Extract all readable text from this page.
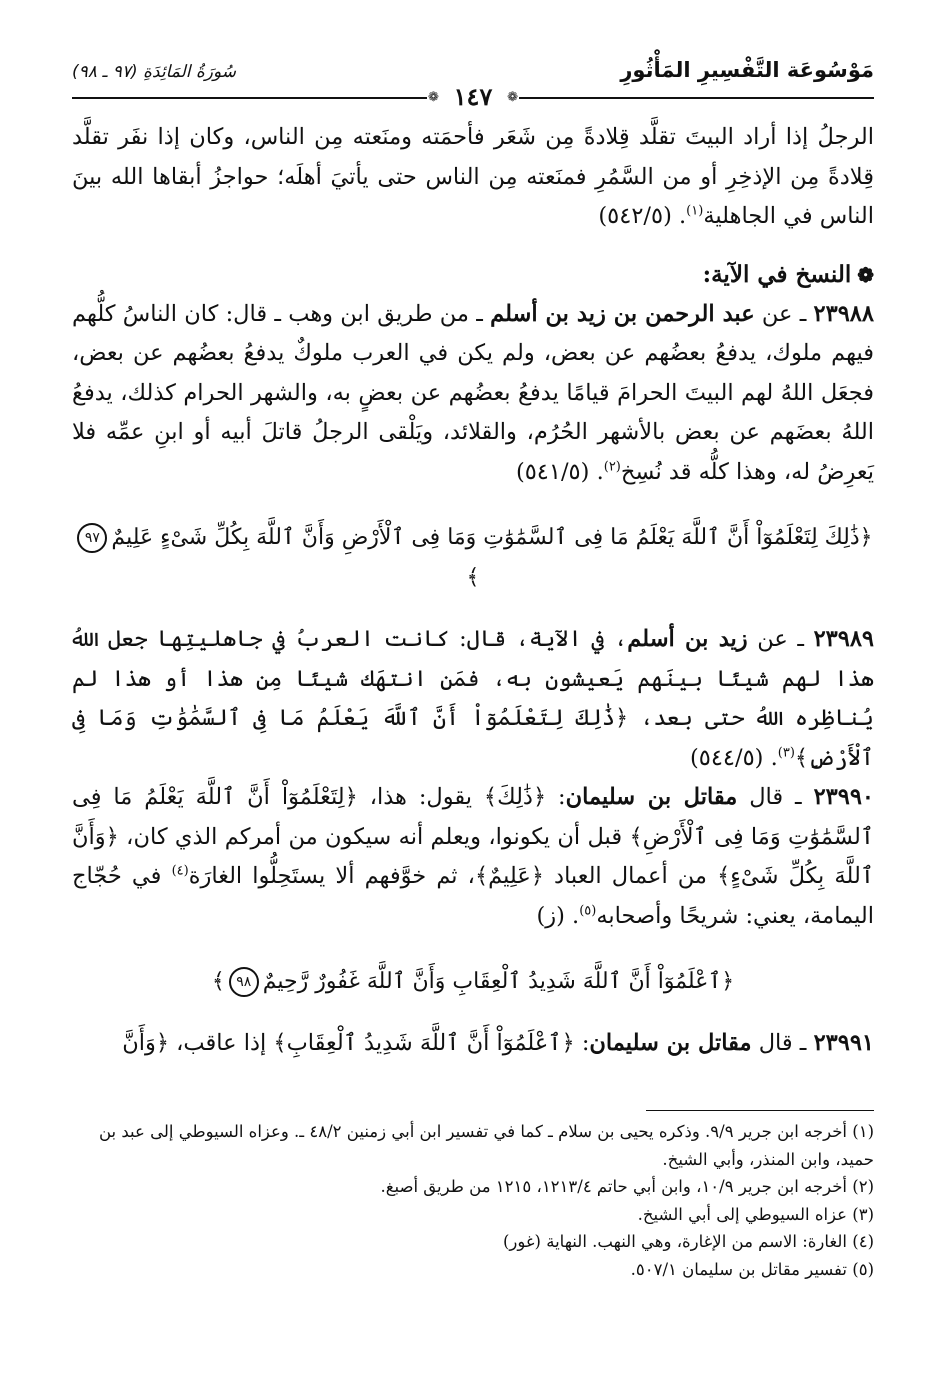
مَوْسُوعَة التَّفْسِيرِ المَأْثُورِ
سُورَةُ المَائِدَةِ (٩٧ ـ ٩٨)
❁
١٤٧
❁

الرجلُ إذا أراد البيتَ تقلَّد قِلادةً مِن شَعَر فأحمَته ومنَعته مِن الناس، وكان إذا نفَر تقلَّد قِلادةً مِن الإذخِرِ أو من السَّمُرِ فمنَعته مِن الناس حتى يأتيَ أهلَه؛ حواجزُ أبقاها الله بينَ الناس في الجاهلية$^{(١)}$. (٥٤٢/٥)

❁النسخ في الآية:

٢٣٩٨٨ ـ عن عبد الرحمن بن زيد بن أسلم ـ من طريق ابن وهب ـ قال: كان الناسُ كلُّهم فيهم ملوك، يدفعُ بعضُهم عن بعض، ولم يكن في العرب ملوكٌ يدفعُ بعضُهم عن بعض، فجعَل اللهُ لهم البيتَ الحرامَ قيامًا يدفعُ بعضُهم عن بعضٍ به، والشهر الحرام كذلك، يدفعُ اللهُ بعضَهم عن بعض بالأشهر الحُرُم، والقلائد، ويَلْقى الرجلُ قاتلَ أبيه أو ابنِ عمِّه فلا يَعرِضُ له، وهذا كلُّه قد نُسِخ$^{(٢)}$. (٥٤١/٥)

﴿ذَٰلِكَ لِتَعْلَمُوٓاْ أَنَّ ٱللَّهَ يَعْلَمُ مَا فِى ٱلسَّمَٰوَٰتِ وَمَا فِى ٱلْأَرْضِ وَأَنَّ ٱللَّهَ بِكُلِّ شَىْءٍ عَلِيمٌ٩٧﴾

٢٣٩٨٩ ـ عن زيد بن أسلم، في الآية، قال: كانت العربُ في جاهليتِها جعل اللهُ هذا لهم شيئًا بينَهم يَعيشون به، فمَن انتهَك شيئًا مِن هذا أو هذا لم يُناظِره اللهُ حتى بعد، ﴿ذَٰلِكَ لِتَعْلَمُوٓاْ أَنَّ ٱللَّهَ يَعْلَمُ مَا فِى ٱلسَّمَٰوَٰتِ وَمَا فِى ٱلْأَرْضِ﴾$^{(٣)}$. (٥٤٤/٥)

٢٣٩٩٠ ـ قال مقاتل بن سليمان: ﴿ذَٰلِكَ﴾ يقول: هذا، ﴿لِتَعْلَمُوٓاْ أَنَّ ٱللَّهَ يَعْلَمُ مَا فِى ٱلسَّمَٰوَٰتِ وَمَا فِى ٱلْأَرْضِ﴾ قبل أن يكونوا، ويعلم أنه سيكون من أمركم الذي كان، ﴿وَأَنَّ ٱللَّهَ بِكُلِّ شَىْءٍ﴾ من أعمال العباد ﴿عَلِيمٌ﴾، ثم خوَّفهم ألا يستَحِلُّوا الغارَة$^{(٤)}$ في حُجّاج اليمامة، يعني: شريحًا وأصحابه$^{(٥)}$. (ز)

﴿ٱعْلَمُوٓاْ أَنَّ ٱللَّهَ شَدِيدُ ٱلْعِقَابِ وَأَنَّ ٱللَّهَ غَفُورٌ رَّحِيمٌ٩٨﴾

٢٣٩٩١ ـ قال مقاتل بن سليمان: ﴿ٱعْلَمُوٓاْ أَنَّ ٱللَّهَ شَدِيدُ ٱلْعِقَابِ﴾ إذا عاقب، ﴿وَأَنَّ

(١) أخرجه ابن جرير ٩/٩. وذكره يحيى بن سلام ـ كما في تفسير ابن أبي زمنين ٤٨/٢ ـ. وعزاه السيوطي إلى عبد بن حميد، وابن المنذر، وأبي الشيخ.

(٢) أخرجه ابن جرير ١٠/٩، وابن أبي حاتم ١٢١٣/٤، ١٢١٥ من طريق أصبغ.

(٣) عزاه السيوطي إلى أبي الشيخ.

(٤) الغارة: الاسم من الإغارة، وهي النهب. النهاية (غور)

(٥) تفسير مقاتل بن سليمان ٥٠٧/١.
